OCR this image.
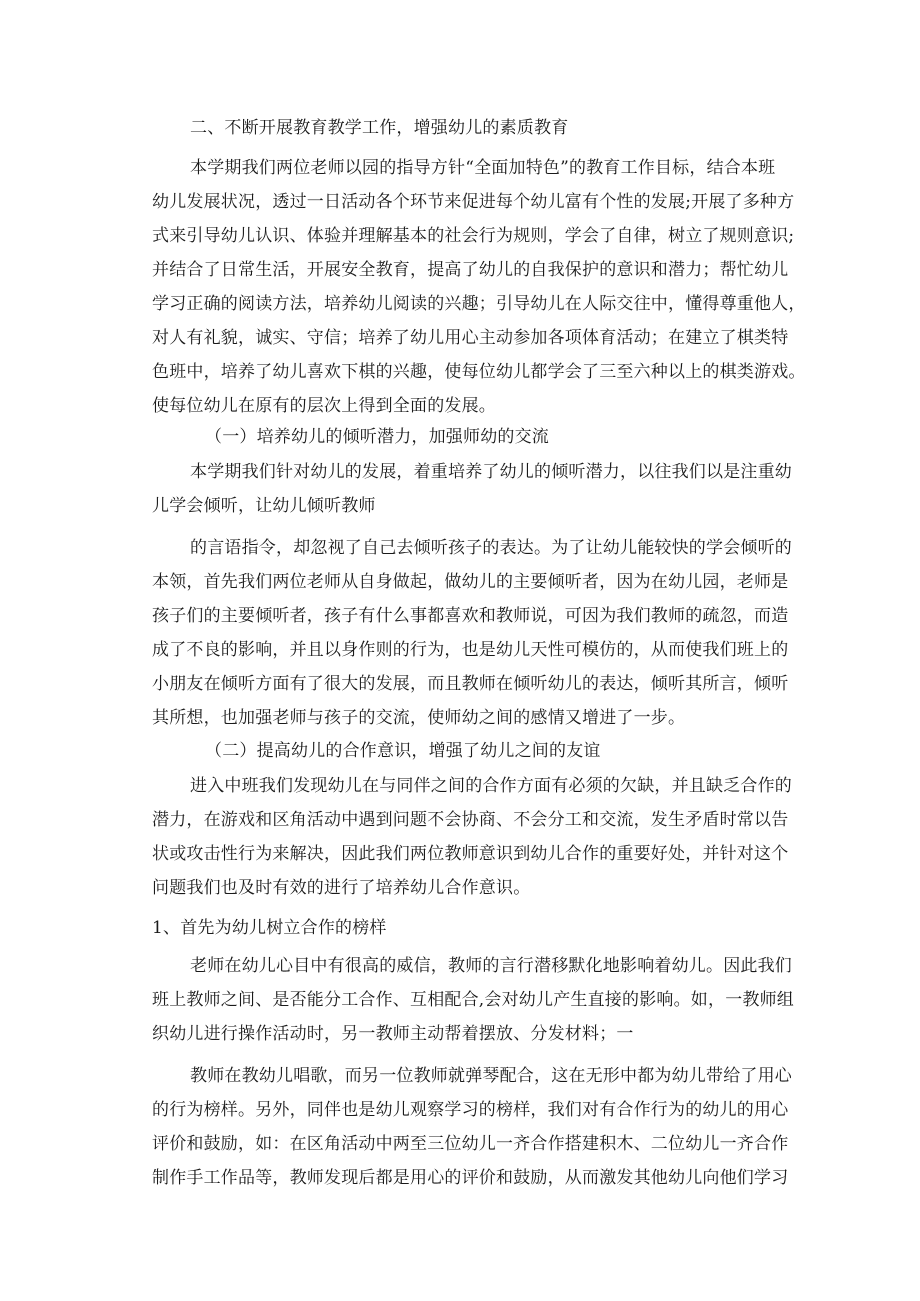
二、不断开展教育教学工作，增强幼儿的素质教育
本学期我们两位老师以园的指导方针“全面加特色”的教育工作目标，结合本班
幼儿发展状况，透过一日活动各个环节来促进每个幼儿富有个性的发展;开展了多种方
式来引导幼儿认识、体验并理解基本的社会行为规则，学会了自律，树立了规则意识;
并结合了日常生活，开展安全教育，提高了幼儿的自我保护的意识和潜力；帮忙幼儿
学习正确的阅读方法，培养幼儿阅读的兴趣；引导幼儿在人际交往中，懂得尊重他人，
对人有礼貌，诚实、守信；培养了幼儿用心主动参加各项体育活动；在建立了棋类特
色班中，培养了幼儿喜欢下棋的兴趣，使每位幼儿都学会了三至六种以上的棋类游戏。
使每位幼儿在原有的层次上得到全面的发展。
（一）培养幼儿的倾听潜力，加强师幼的交流
本学期我们针对幼儿的发展，着重培养了幼儿的倾听潜力，以往我们以是注重幼
儿学会倾听，让幼儿倾听教师
的言语指令，却忽视了自己去倾听孩子的表达。为了让幼儿能较快的学会倾听的
本领，首先我们两位老师从自身做起，做幼儿的主要倾听者，因为在幼儿园，老师是
孩子们的主要倾听者，孩子有什么事都喜欢和教师说，可因为我们教师的疏忽，而造
成了不良的影响，并且以身作则的行为，也是幼儿天性可模仿的，从而使我们班上的
小朋友在倾听方面有了很大的发展，而且教师在倾听幼儿的表达，倾听其所言，倾听
其所想，也加强老师与孩子的交流，使师幼之间的感情又增进了一步。
（二）提高幼儿的合作意识，增强了幼儿之间的友谊
进入中班我们发现幼儿在与同伴之间的合作方面有必须的欠缺，并且缺乏合作的
潜力，在游戏和区角活动中遇到问题不会协商、不会分工和交流，发生矛盾时常以告
状或攻击性行为来解决，因此我们两位教师意识到幼儿合作的重要好处，并针对这个
问题我们也及时有效的进行了培养幼儿合作意识。
1、首先为幼儿树立合作的榜样
老师在幼儿心目中有很高的威信，教师的言行潜移默化地影响着幼儿。因此我们
班上教师之间、是否能分工合作、互相配合,会对幼儿产生直接的影响。如，一教师组
织幼儿进行操作活动时，另一教师主动帮着摆放、分发材料；一
教师在教幼儿唱歌，而另一位教师就弹琴配合，这在无形中都为幼儿带给了用心
的行为榜样。另外，同伴也是幼儿观察学习的榜样，我们对有合作行为的幼儿的用心
评价和鼓励，如：在区角活动中两至三位幼儿一齐合作搭建积木、二位幼儿一齐合作
制作手工作品等，教师发现后都是用心的评价和鼓励，从而激发其他幼儿向他们学习
